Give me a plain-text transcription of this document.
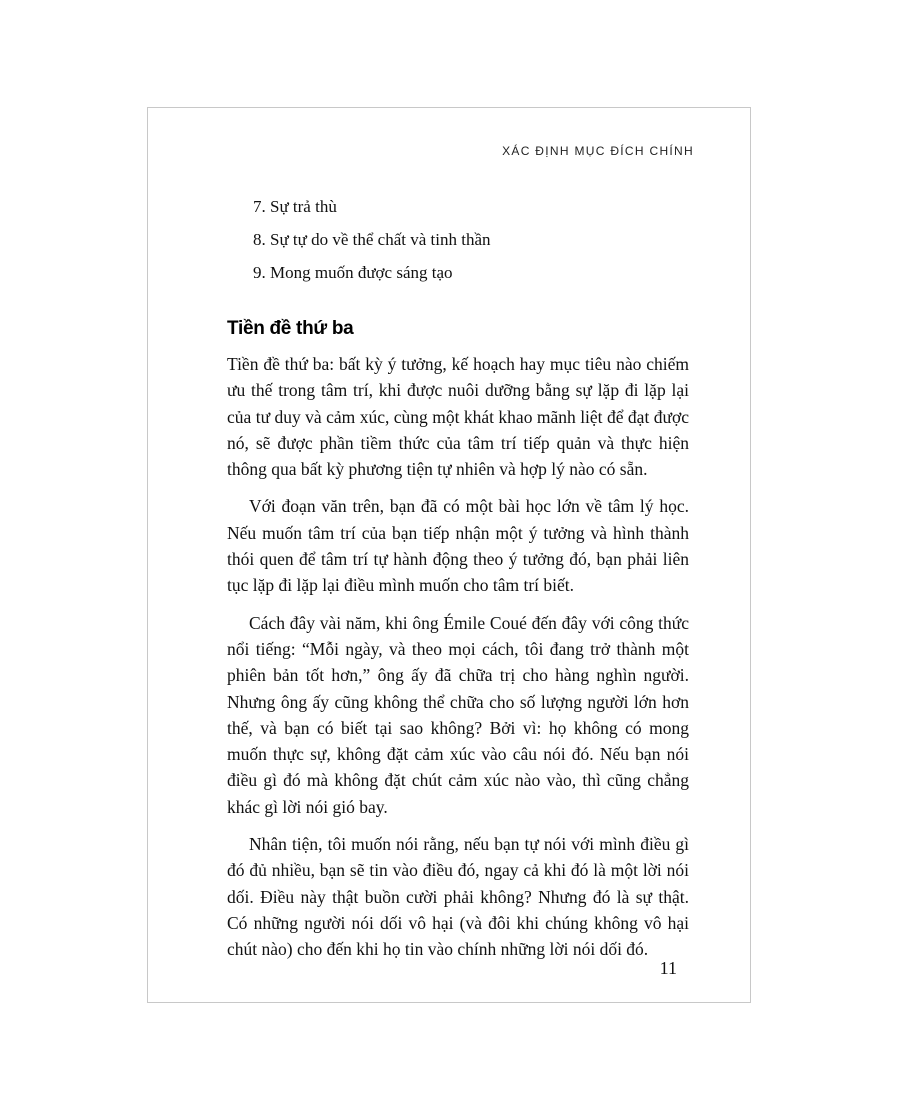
XÁC ĐỊNH MỤC ĐÍCH CHÍNH
7. Sự trả thù
8. Sự tự do về thể chất và tinh thần
9. Mong muốn được sáng tạo
Tiền đề thứ ba

Tiền đề thứ ba: bất kỳ ý tưởng, kế hoạch hay mục tiêu nào chiếm ưu thế trong tâm trí, khi được nuôi dưỡng bằng sự lặp đi lặp lại của tư duy và cảm xúc, cùng một khát khao mãnh liệt để đạt được nó, sẽ được phần tiềm thức của tâm trí tiếp quản và thực hiện thông qua bất kỳ phương tiện tự nhiên và hợp lý nào có sẵn.

Với đoạn văn trên, bạn đã có một bài học lớn về tâm lý học. Nếu muốn tâm trí của bạn tiếp nhận một ý tưởng và hình thành thói quen để tâm trí tự hành động theo ý tưởng đó, bạn phải liên tục lặp đi lặp lại điều mình muốn cho tâm trí biết.

Cách đây vài năm, khi ông Émile Coué đến đây với công thức nổi tiếng: “Mỗi ngày, và theo mọi cách, tôi đang trở thành một phiên bản tốt hơn,” ông ấy đã chữa trị cho hàng nghìn người. Nhưng ông ấy cũng không thể chữa cho số lượng người lớn hơn thế, và bạn có biết tại sao không? Bởi vì: họ không có mong muốn thực sự, không đặt cảm xúc vào câu nói đó. Nếu bạn nói điều gì đó mà không đặt chút cảm xúc nào vào, thì cũng chẳng khác gì lời nói gió bay.

Nhân tiện, tôi muốn nói rằng, nếu bạn tự nói với mình điều gì đó đủ nhiều, bạn sẽ tin vào điều đó, ngay cả khi đó là một lời nói dối. Điều này thật buồn cười phải không? Nhưng đó là sự thật. Có những người nói dối vô hại (và đôi khi chúng không vô hại chút nào) cho đến khi họ tin vào chính những lời nói dối đó.

11
